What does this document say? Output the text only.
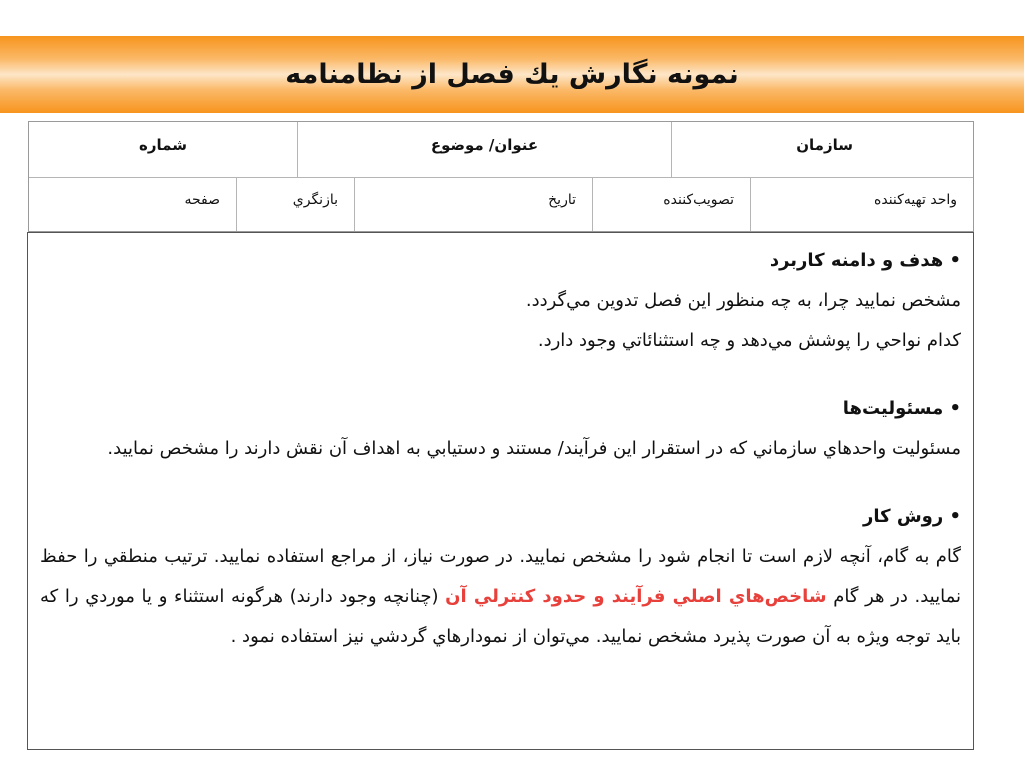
نمونه نگارش يك فصل از نظامنامه
سازمان
عنوان/ موضوع
شماره
واحد تهيه‌كننده
تصويب‌كننده
تاريخ
بازنگري
صفحه

• هدف و دامنه كاربرد

مشخص نماييد چرا، به چه منظور اين فصل تدوين مي‌گردد.

كدام نواحي را پوشش مي‌دهد و چه استثنائاتي وجود دارد.

• مسئوليت‌ها

مسئوليت واحدهاي سازماني كه در استقرار اين فرآيند/ مستند و دستيابي به اهداف آن نقش دارند را مشخص نماييد.

• روش كار

گام به گام، آنچه لازم است تا انجام شود را مشخص نماييد. در صورت نياز، از مراجع استفاده نماييد. ترتيب منطقي را حفظ نماييد. در هر گام شاخص‌هاي اصلي فرآيند و حدود كنترلي آن (چنانچه وجود دارند) هرگونه استثناء و يا موردي را كه بايد توجه ويژه به آن صورت پذيرد مشخص نماييد. مي‌توان از نمودارهاي گردشي نيز استفاده نمود .
